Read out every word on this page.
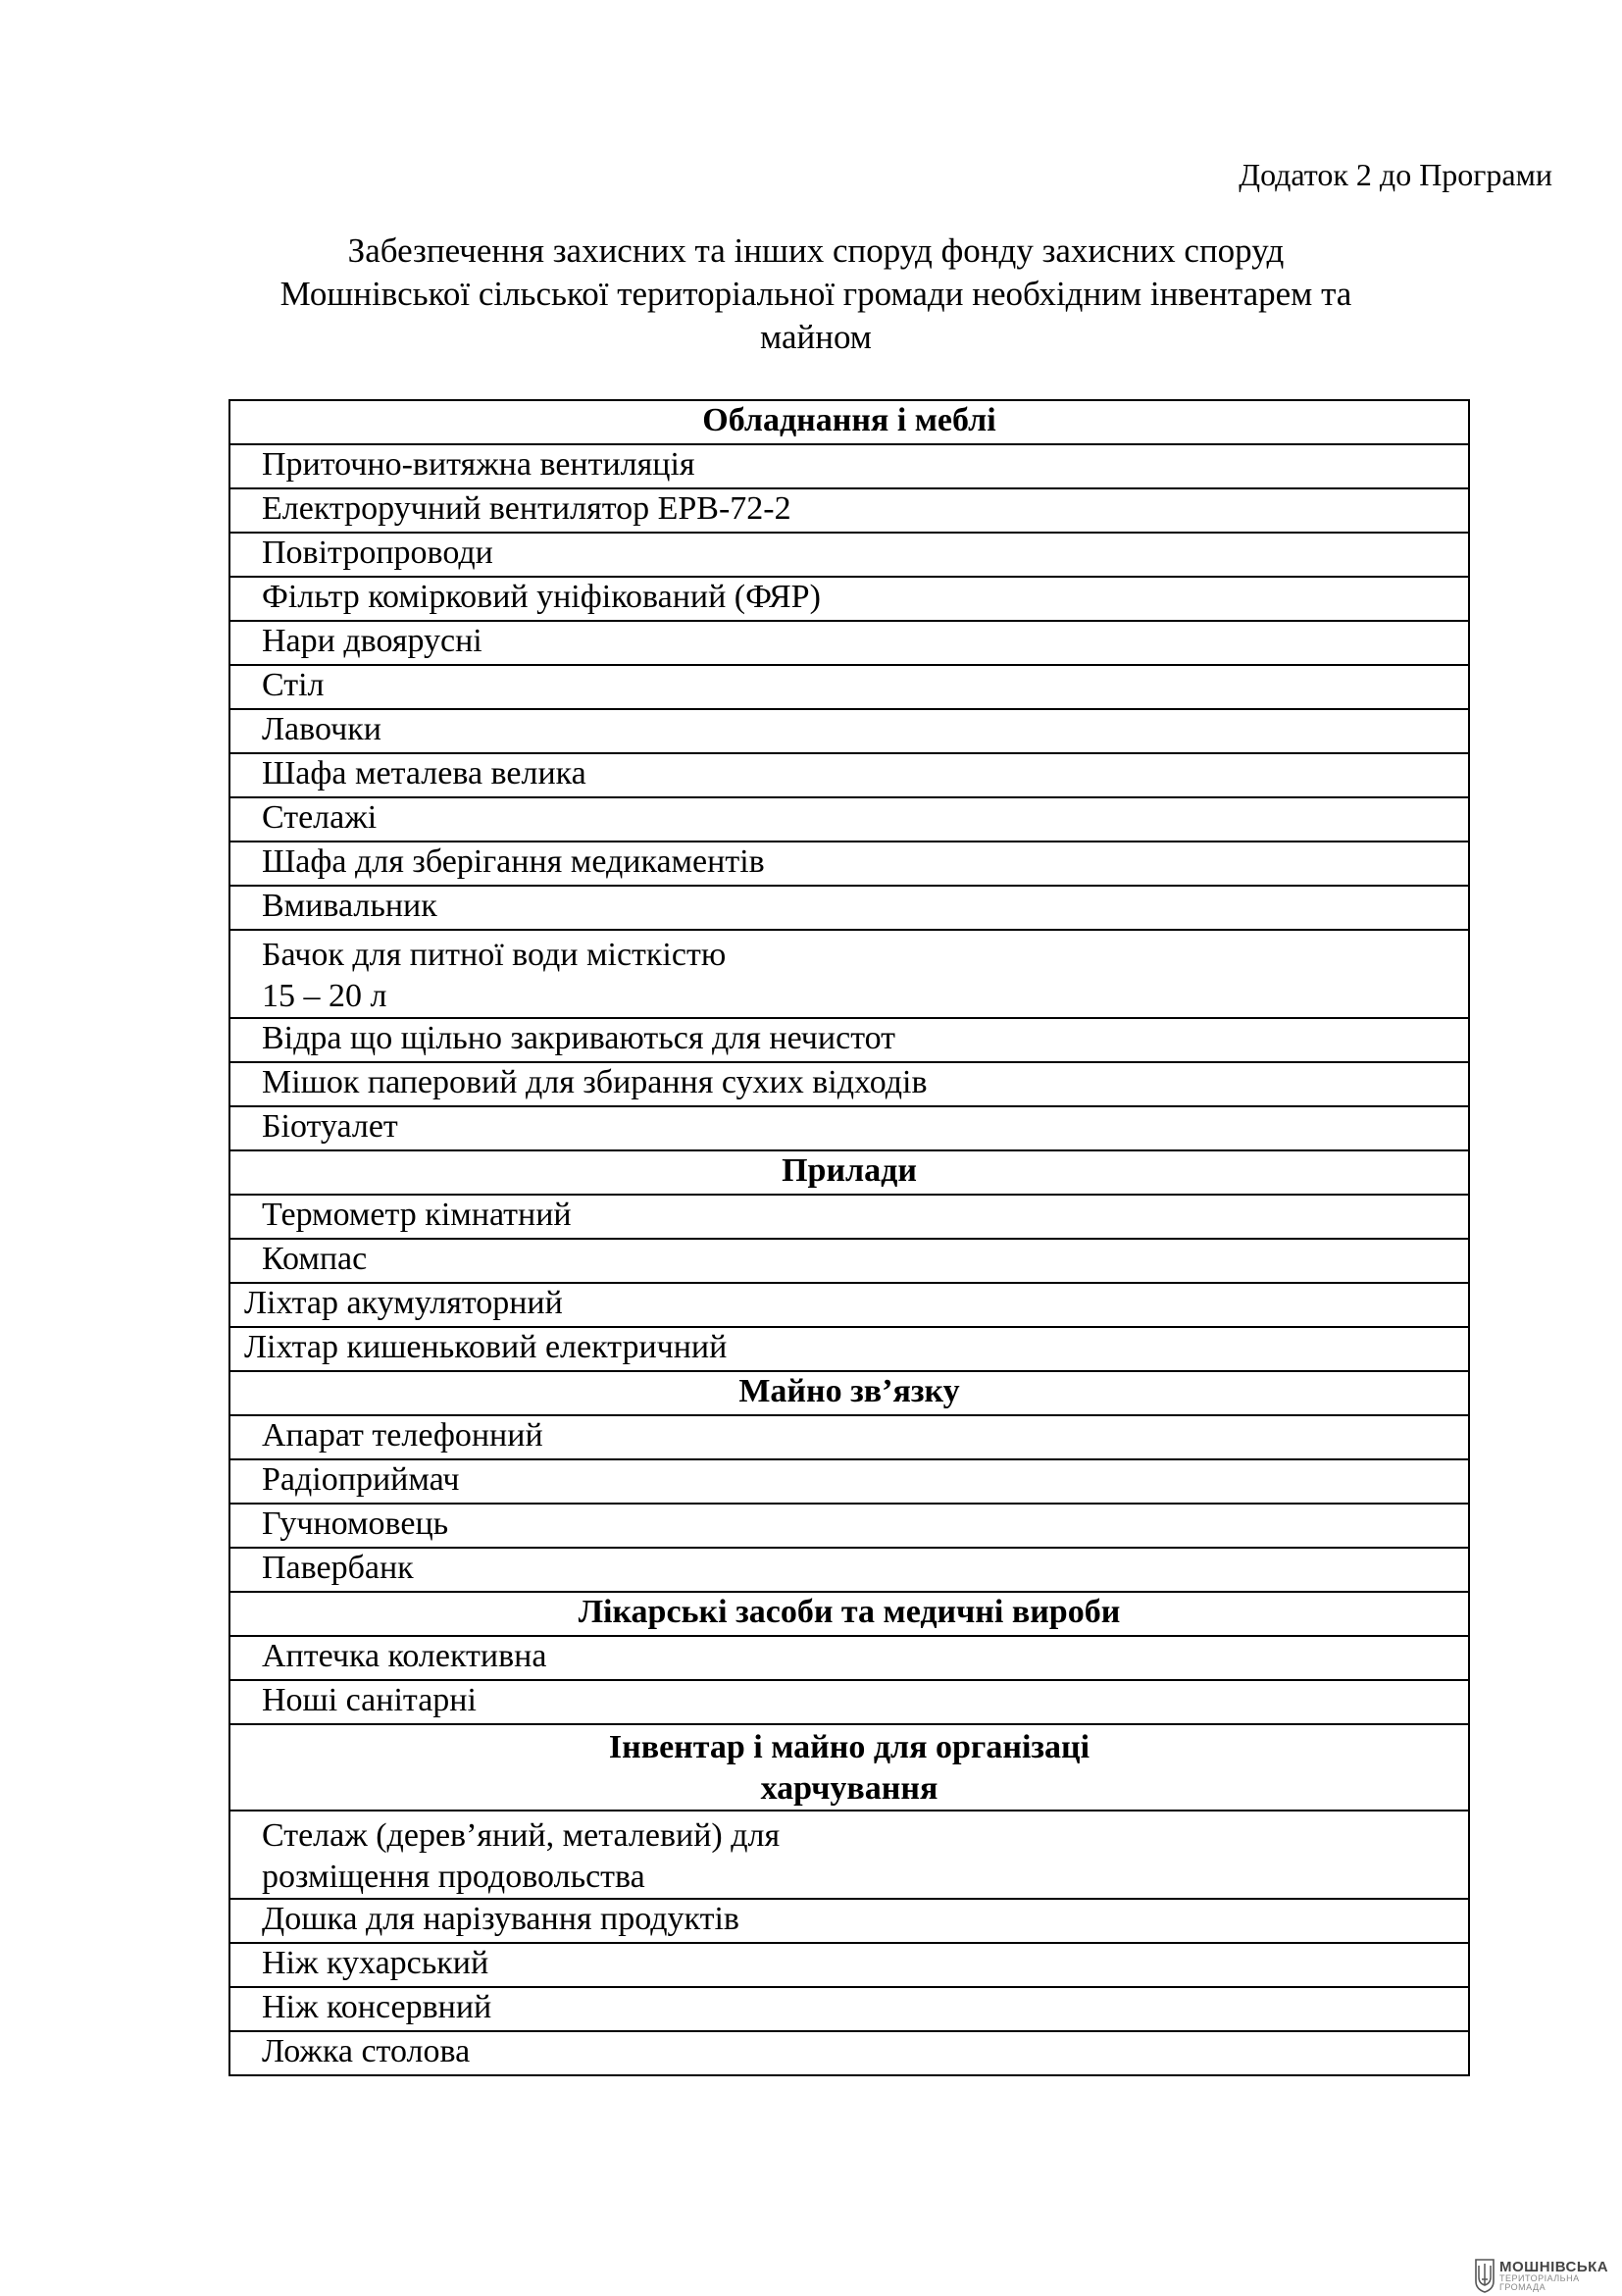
Додаток 2 до Програми

Забезпечення захисних та інших споруд фонду захисних споруд
Мошнівської сільської територіальної громади необхідним інвентарем та
майном
Обладнання і меблі

Приточно-витяжна вентиляція
Електроручний вентилятор ЕРВ-72-2
Повітропроводи
Фільтр комірковий уніфікований (ФЯР)
Нари двоярусні
Стіл
Лавочки
Шафа металева велика
Стелажі
Шафа для зберігання медикаментів
Вмивальник

Бачок для питної води місткістю
15 – 20 л

Відра що щільно закриваються для нечистот
Мішок паперовий для збирання сухих відходів
Біотуалет

Прилади

Термометр кімнатний
Компас
Ліхтар акумуляторний
Ліхтар кишеньковий електричний

Майно зв’язку

Апарат телефонний
Радіоприймач
Гучномовець
Павербанк

Лікарські засоби та медичні вироби

Аптечка колективна
Ноші санітарні

Інвентар і майно для організаці
харчування

Стелаж (дерев’яний, металевий) для
розміщення продовольства

Дошка для нарізування продуктів
Ніж кухарський
Ніж консервний
Ложка столова
МОШНІВСЬКА
ТЕРИТОРІАЛЬНА
ГРОМАДА
